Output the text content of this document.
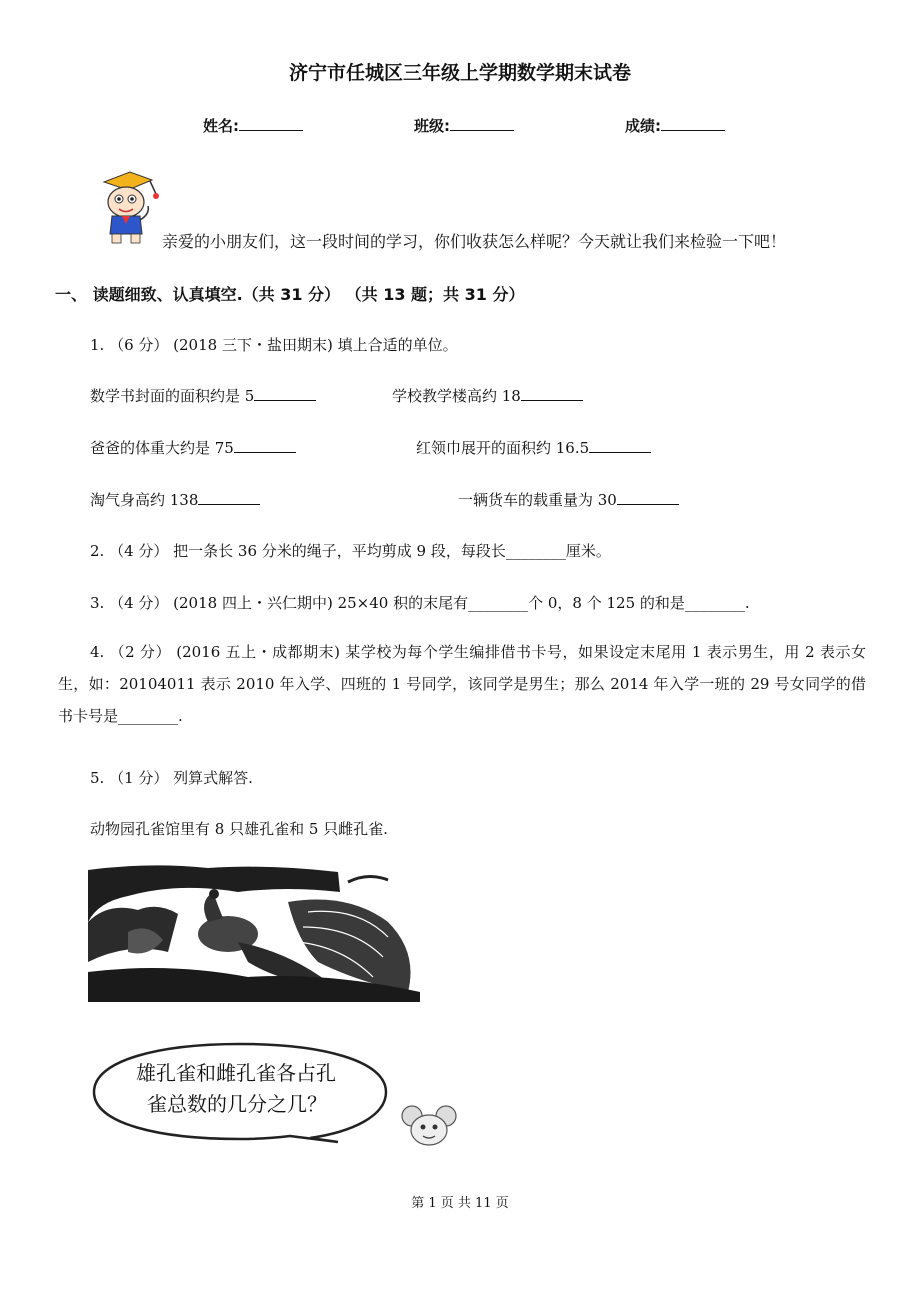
济宁市任城区三年级上学期数学期末试卷
姓名:	班级:	成绩:
亲爱的小朋友们，这一段时间的学习，你们收获怎么样呢？今天就让我们来检验一下吧！
一、 读题细致、认真填空.（共 31 分） （共 13 题；共 31 分）
1. （6 分） (2018 三下・盐田期末) 填上合适的单位。
数学书封面的面积约是 5	学校教学楼高约 18
爸爸的体重大约是 75	红领巾展开的面积约 16.5
淘气身高约 138	一辆货车的载重量为 30
2. （4 分） 把一条长 36 分米的绳子，平均剪成 9 段，每段长________厘米。
3. （4 分） (2018 四上・兴仁期中) 25×40 积的末尾有________个 0，8 个 125 的和是________.
4. （2 分） (2016 五上・成都期末) 某学校为每个学生编排借书卡号，如果设定末尾用 1 表示男生，用 2 表示女生，如：20104011 表示 2010 年入学、四班的 1 号同学，该同学是男生；那么 2014 年入学一班的 29 号女同学的借书卡号是________.
5. （1 分） 列算式解答.
动物园孔雀馆里有 8 只雄孔雀和 5 只雌孔雀.
雄孔雀和雌孔雀各占孔
雀总数的几分之几？
第 1 页 共 11 页
